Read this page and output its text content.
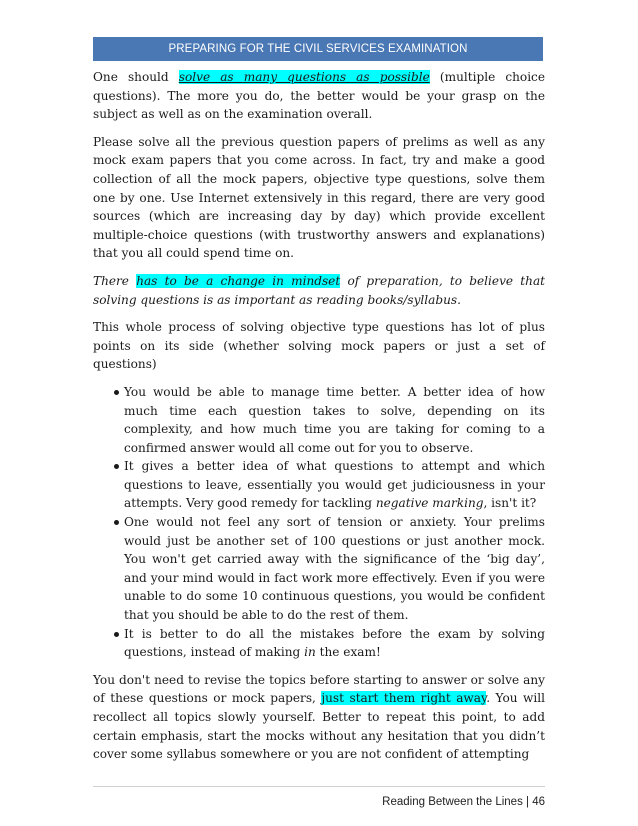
PREPARING FOR THE CIVIL SERVICES EXAMINATION

One should solve as many questions as possible (multiple choice questions). The more you do, the better would be your grasp on the subject as well as on the examination overall.

Please solve all the previous question papers of prelims as well as any mock exam papers that you come across. In fact, try and make a good collection of all the mock papers, objective type questions, solve them one by one. Use Internet extensively in this regard, there are very good sources (which are increasing day by day) which provide excellent multiple-choice questions (with trustworthy answers and explanations) that you all could spend time on.

There has to be a change in mindset of preparation, to believe that solving questions is as important as reading books/syllabus.

This whole process of solving objective type questions has lot of plus points on its side (whether solving mock papers or just a set of questions)

You would be able to manage time better. A better idea of how much time each question takes to solve, depending on its complexity, and how much time you are taking for coming to a confirmed answer would all come out for you to observe.
It gives a better idea of what questions to attempt and which questions to leave, essentially you would get judiciousness in your attempts. Very good remedy for tackling negative marking, isn't it?
One would not feel any sort of tension or anxiety. Your prelims would just be another set of 100 questions or just another mock. You won't get carried away with the significance of the ‘big day’, and your mind would in fact work more effectively. Even if you were unable to do some 10 continuous questions, you would be confident that you should be able to do the rest of them.
It is better to do all the mistakes before the exam by solving questions, instead of making in the exam!

You don't need to revise the topics before starting to answer or solve any of these questions or mock papers, just start them right away. You will recollect all topics slowly yourself. Better to repeat this point, to add certain emphasis, start the mocks without any hesitation that you didn’t cover some syllabus somewhere or you are not confident of attempting

Reading Between the Lines | 46
